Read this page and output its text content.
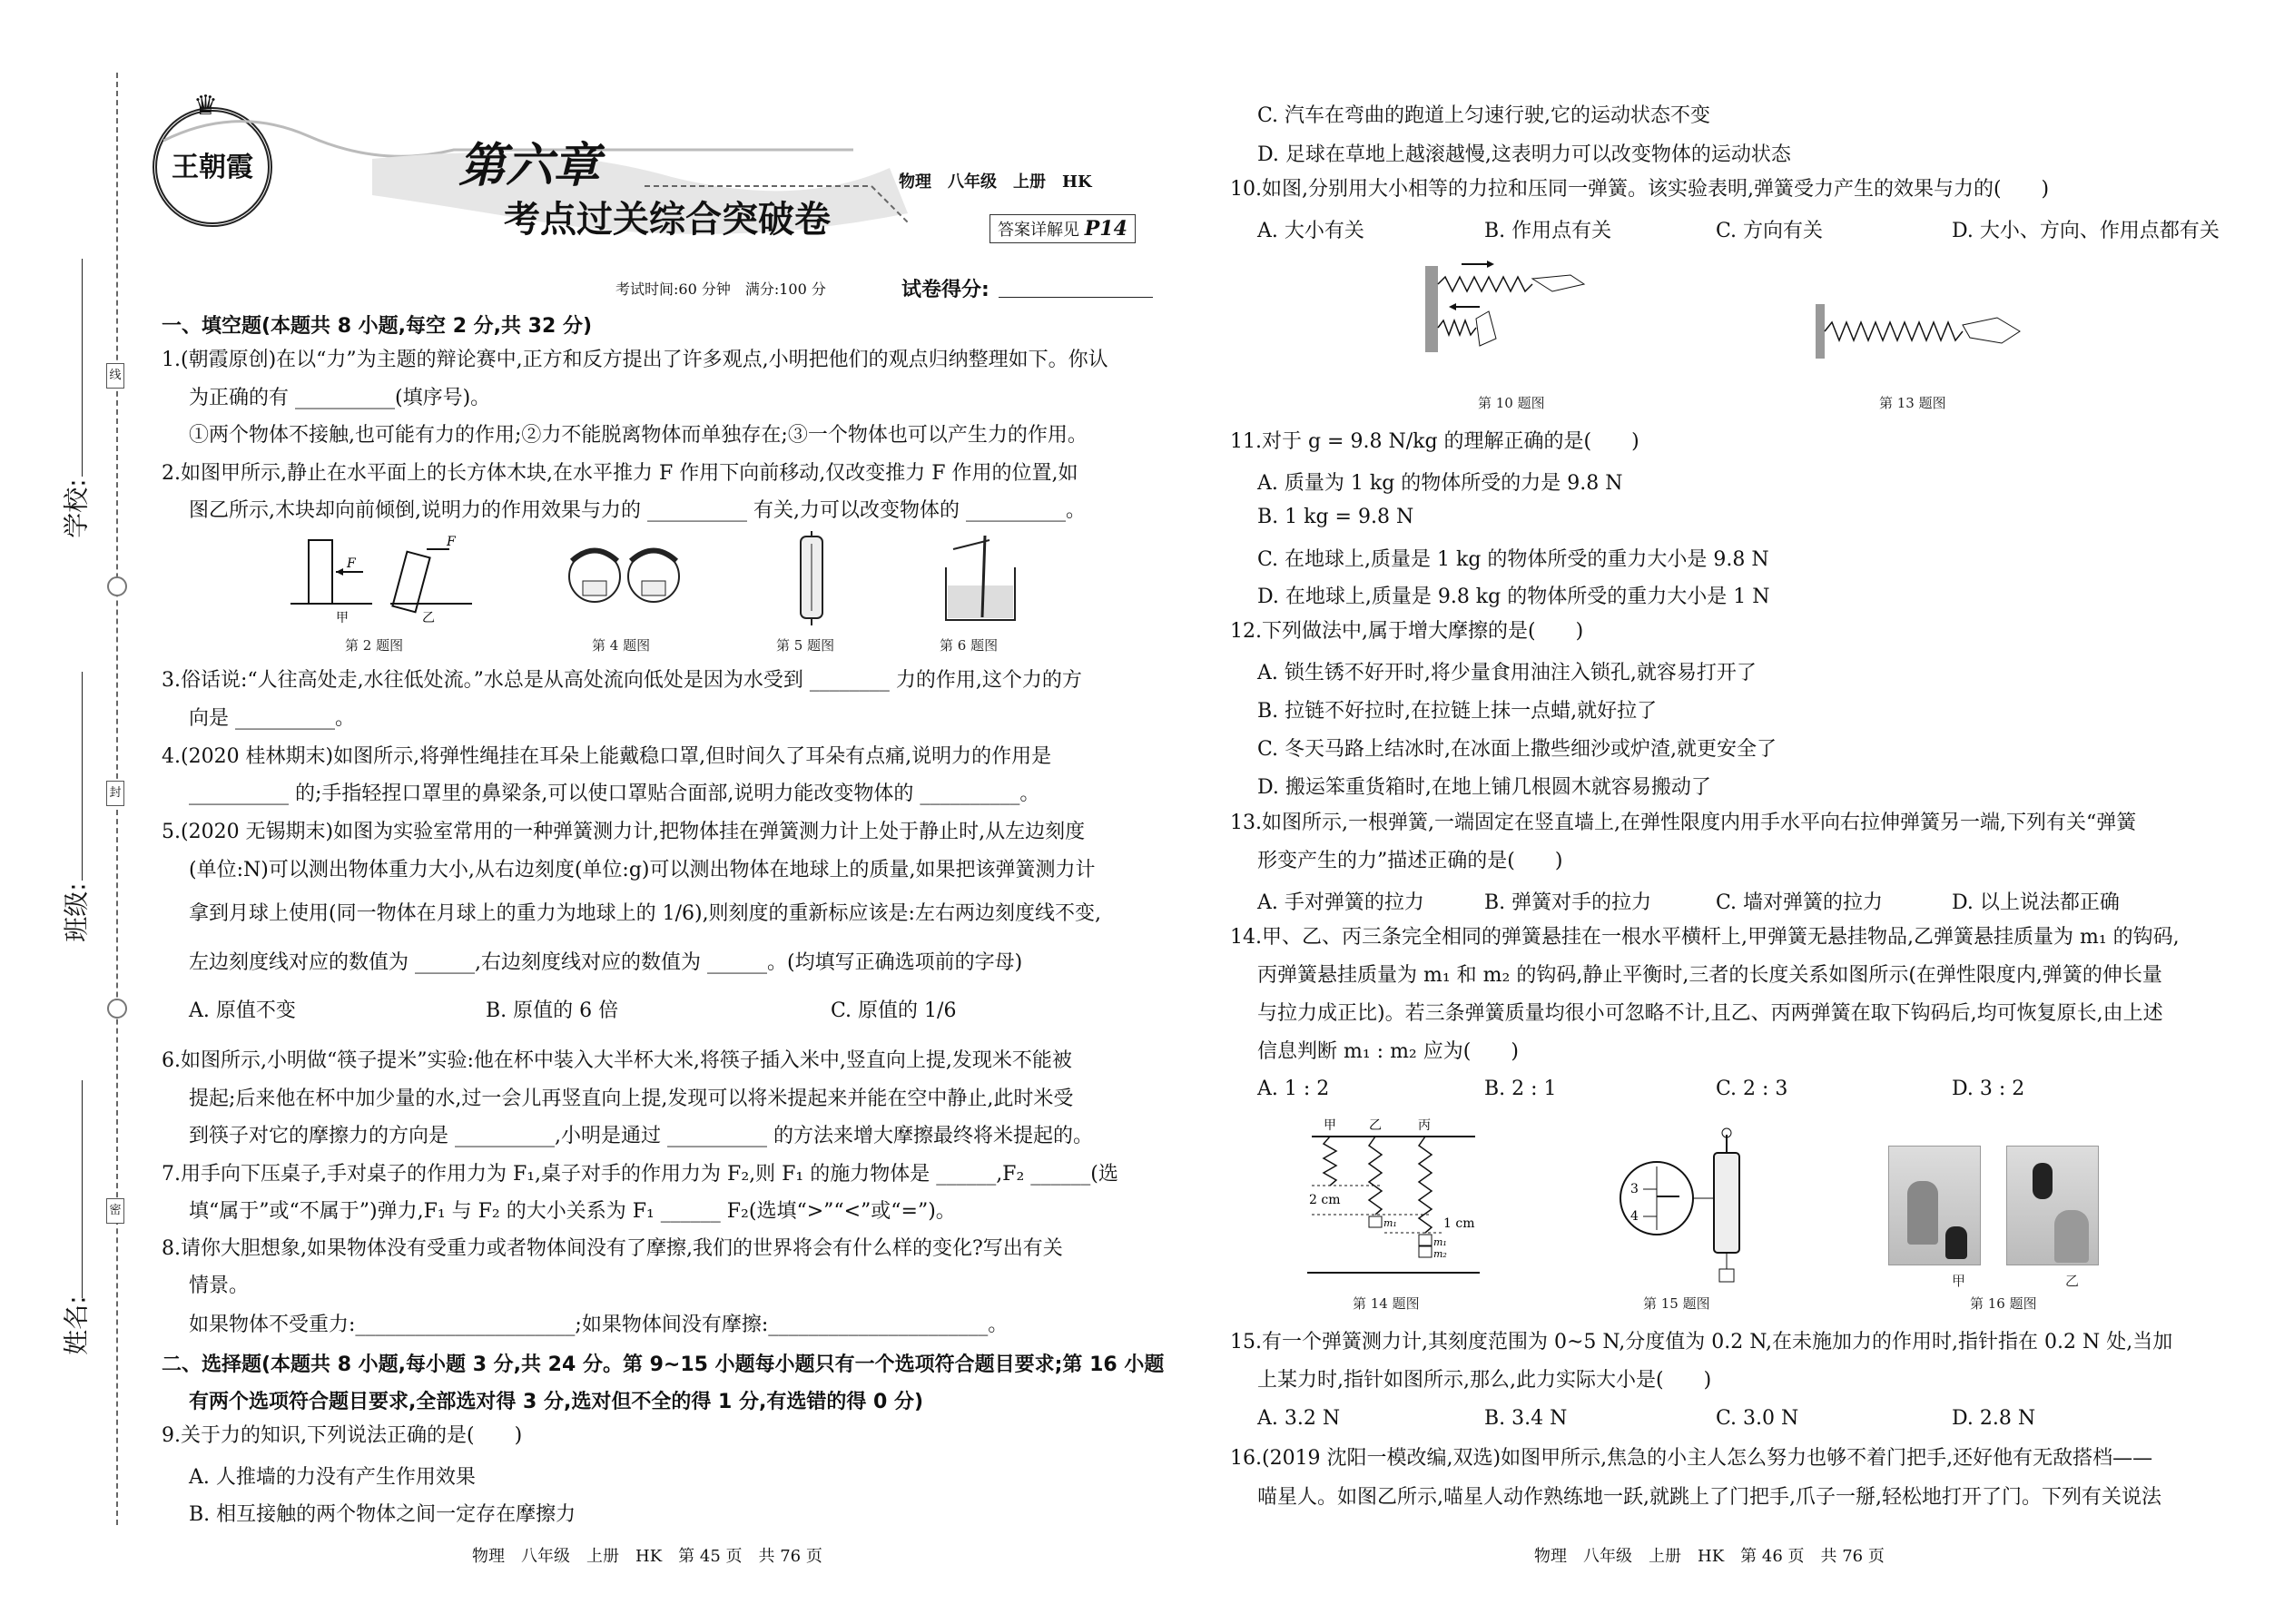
学校:
班级:
姓名:
线
封
密
♛
王朝霞	第六章
考点过关综合突破卷
物理　八年级　上册　HK
答案详解见 P14
考试时间:60 分钟　满分:100 分	试卷得分:
一、填空题(本题共 8 小题,每空 2 分,共 32 分)
1.(朝霞原创)在以“力”为主题的辩论赛中,正方和反方提出了许多观点,小明把他们的观点归纳整理如下。你认
为正确的有 __________(填序号)。
①两个物体不接触,也可能有力的作用;②力不能脱离物体而单独存在;③一个物体也可以产生力的作用。
2.如图甲所示,静止在水平面上的长方体木块,在水平推力 F 作用下向前移动,仅改变推力 F 作用的位置,如
图乙所示,木块却向前倾倒,说明力的作用效果与力的 __________ 有关,力可以改变物体的 __________。
F
F
甲	乙
第 2 题图	第 4 题图	第 5 题图	第 6 题图
3.俗话说:“人往高处走,水往低处流。”水总是从高处流向低处是因为水受到 ________ 力的作用,这个力的方
向是 __________。
4.(2020 桂林期末)如图所示,将弹性绳挂在耳朵上能戴稳口罩,但时间久了耳朵有点痛,说明力的作用是
__________ 的;手指轻捏口罩里的鼻梁条,可以使口罩贴合面部,说明力能改变物体的 __________。
5.(2020 无锡期末)如图为实验室常用的一种弹簧测力计,把物体挂在弹簧测力计上处于静止时,从左边刻度
(单位:N)可以测出物体重力大小,从右边刻度(单位:g)可以测出物体在地球上的质量,如果把该弹簧测力计
拿到月球上使用(同一物体在月球上的重力为地球上的 1/6),则刻度的重新标应该是:左右两边刻度线不变,
左边刻度线对应的数值为 ______,右边刻度线对应的数值为 ______。(均填写正确选项前的字母)
A. 原值不变	B. 原值的 6 倍	C. 原值的 1/6
6.如图所示,小明做“筷子提米”实验:他在杯中装入大半杯大米,将筷子插入米中,竖直向上提,发现米不能被
提起;后来他在杯中加少量的水,过一会儿再竖直向上提,发现可以将米提起来并能在空中静止,此时米受
到筷子对它的摩擦力的方向是 __________,小明是通过 __________ 的方法来增大摩擦最终将米提起的。
7.用手向下压桌子,手对桌子的作用力为 F₁,桌子对手的作用力为 F₂,则 F₁ 的施力物体是 ______,F₂ ______(选
填“属于”或“不属于”)弹力,F₁ 与 F₂ 的大小关系为 F₁ ______ F₂(选填“>”“<”或“=”)。
8.请你大胆想象,如果物体没有受重力或者物体间没有了摩擦,我们的世界将会有什么样的变化?写出有关
情景。
如果物体不受重力:______________________;如果物体间没有摩擦:______________________。
二、选择题(本题共 8 小题,每小题 3 分,共 24 分。第 9~15 小题每小题只有一个选项符合题目要求;第 16 小题
有两个选项符合题目要求,全部选对得 3 分,选对但不全的得 1 分,有选错的得 0 分)
9.关于力的知识,下列说法正确的是(　　)
A. 人推墙的力没有产生作用效果
B. 相互接触的两个物体之间一定存在摩擦力
物理　八年级　上册　HK　第 45 页　共 76 页
C. 汽车在弯曲的跑道上匀速行驶,它的运动状态不变
D. 足球在草地上越滚越慢,这表明力可以改变物体的运动状态
10.如图,分别用大小相等的力拉和压同一弹簧。该实验表明,弹簧受力产生的效果与力的(　　)
A. 大小有关	B. 作用点有关	C. 方向有关	D. 大小、方向、作用点都有关
第 10 题图	第 13 题图
11.对于 g = 9.8 N/kg 的理解正确的是(　　)
A. 质量为 1 kg 的物体所受的力是 9.8 N
B. 1 kg = 9.8 N
C. 在地球上,质量是 1 kg 的物体所受的重力大小是 9.8 N
D. 在地球上,质量是 9.8 kg 的物体所受的重力大小是 1 N
12.下列做法中,属于增大摩擦的是(　　)
A. 锁生锈不好开时,将少量食用油注入锁孔,就容易打开了
B. 拉链不好拉时,在拉链上抹一点蜡,就好拉了
C. 冬天马路上结冰时,在冰面上撒些细沙或炉渣,就更安全了
D. 搬运笨重货箱时,在地上铺几根圆木就容易搬动了
13.如图所示,一根弹簧,一端固定在竖直墙上,在弹性限度内用手水平向右拉伸弹簧另一端,下列有关“弹簧
形变产生的力”描述正确的是(　　)
A. 手对弹簧的拉力	B. 弹簧对手的拉力	C. 墙对弹簧的拉力	D. 以上说法都正确
14.甲、乙、丙三条完全相同的弹簧悬挂在一根水平横杆上,甲弹簧无悬挂物品,乙弹簧悬挂质量为 m₁ 的钩码,
丙弹簧悬挂质量为 m₁ 和 m₂ 的钩码,静止平衡时,三者的长度关系如图所示(在弹性限度内,弹簧的伸长量
与拉力成正比)。若三条弹簧质量均很小可忽略不计,且乙、丙两弹簧在取下钩码后,均可恢复原长,由上述
信息判断 m₁ : m₂ 应为(　　)
A. 1 : 2	B. 2 : 1	C. 2 : 3	D. 3 : 2
甲	乙	丙
m₁
m₁
m₂
2 cm
1 cm
第 14 题图
3
4
第 15 题图
甲	乙
第 16 题图
15.有一个弹簧测力计,其刻度范围为 0~5 N,分度值为 0.2 N,在未施加力的作用时,指针指在 0.2 N 处,当加
上某力时,指针如图所示,那么,此力实际大小是(　　)
A. 3.2 N	B. 3.4 N	C. 3.0 N	D. 2.8 N
16.(2019 沈阳一模改编,双选)如图甲所示,焦急的小主人怎么努力也够不着门把手,还好他有无敌搭档——
喵星人。如图乙所示,喵星人动作熟练地一跃,就跳上了门把手,爪子一掰,轻松地打开了门。下列有关说法
物理　八年级　上册　HK　第 46 页　共 76 页
